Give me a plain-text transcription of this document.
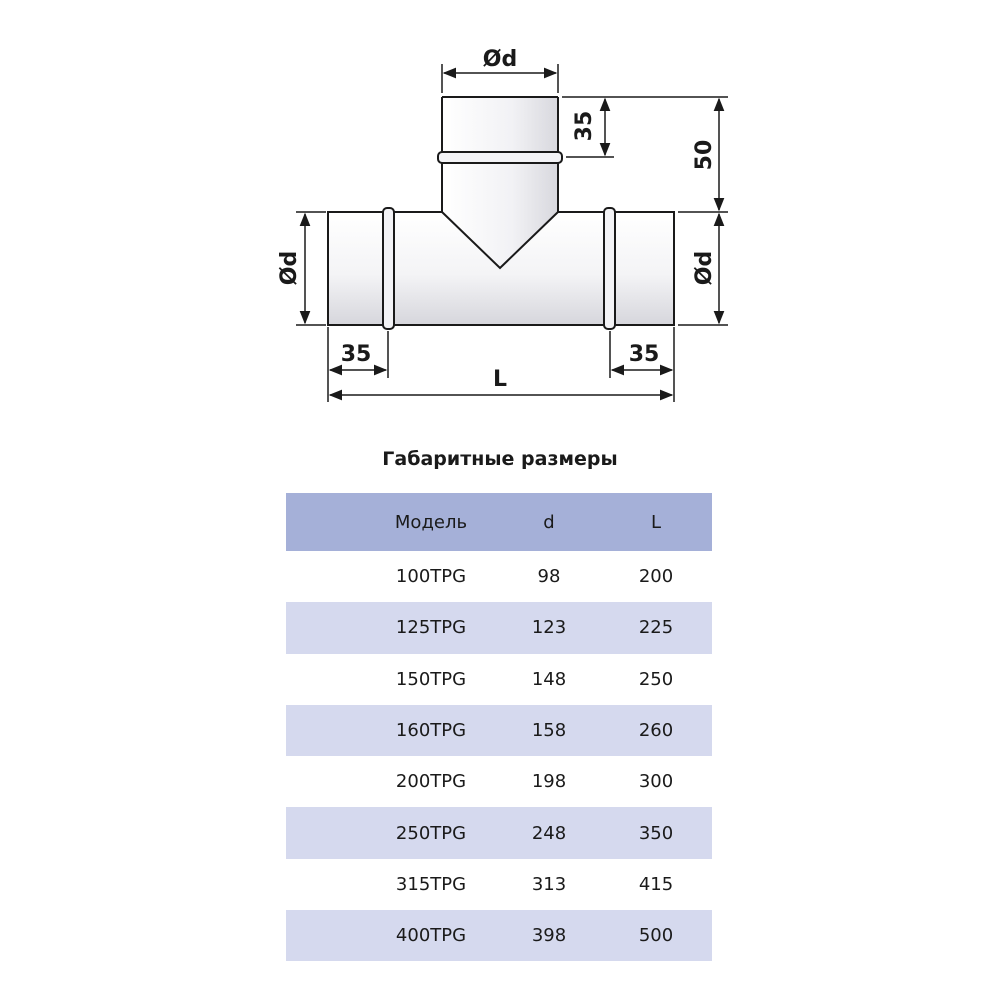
Ød
35
50
Ød
Ød
35	35
L
Габаритные размеры
Модель	d	L
100TPG	98	200
125TPG	123	225
150TPG	148	250
160TPG	158	260
200TPG	198	300
250TPG	248	350
315TPG	313	415
400TPG	398	500
